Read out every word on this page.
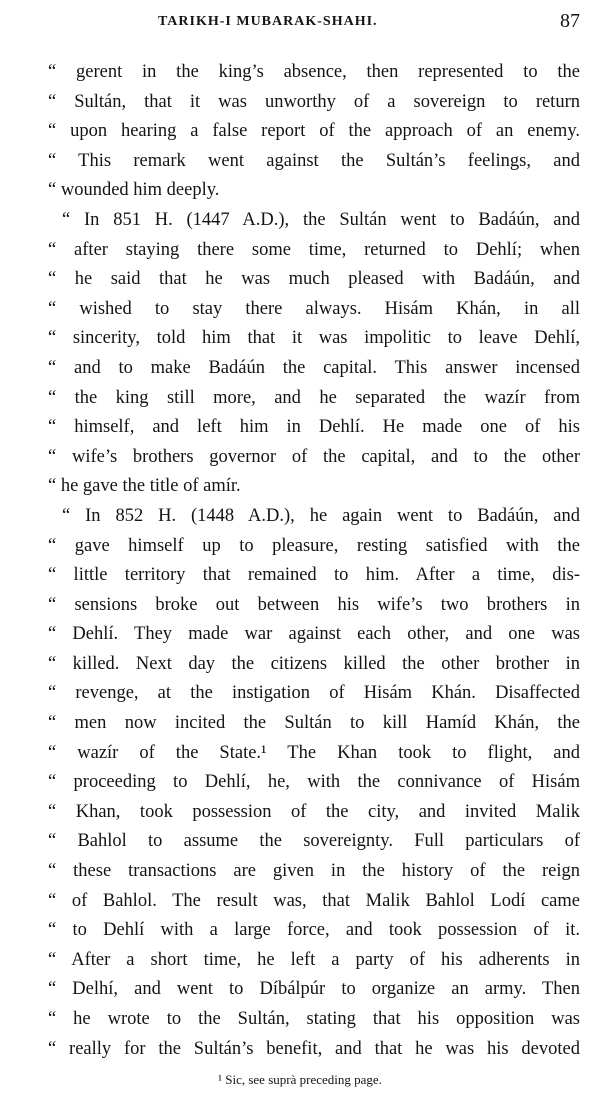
TARIKH-I MUBARAK-SHAHI.	87
“ gerent in the king’s absence, then represented to the
“ Sultán, that it was unworthy of a sovereign to return
“ upon hearing a false report of the approach of an enemy.
“ This remark went against the Sultán’s feelings, and
“ wounded him deeply.
“ In 851 H. (1447 A.D.), the Sultán went to Badáún, and
“ after staying there some time, returned to Dehlí; when
“ he said that he was much pleased with Badáún, and
“ wished to stay there always. Hisám Khán, in all
“ sincerity, told him that it was impolitic to leave Dehlí,
“ and to make Badáún the capital. This answer incensed
“ the king still more, and he separated the wazír from
“ himself, and left him in Dehlí. He made one of his
“ wife’s brothers governor of the capital, and to the other
“ he gave the title of amír.
“ In 852 H. (1448 A.D.), he again went to Badáún, and
“ gave himself up to pleasure, resting satisfied with the
“ little territory that remained to him. After a time, dis-
“ sensions broke out between his wife’s two brothers in
“ Dehlí. They made war against each other, and one was
“ killed. Next day the citizens killed the other brother in
“ revenge, at the instigation of Hisám Khán. Disaffected
“ men now incited the Sultán to kill Hamíd Khán, the
“ wazír of the State.¹ The Khan took to flight, and
“ proceeding to Dehlí, he, with the connivance of Hisám
“ Khan, took possession of the city, and invited Malik
“ Bahlol to assume the sovereignty. Full particulars of
“ these transactions are given in the history of the reign
“ of Bahlol. The result was, that Malik Bahlol Lodí came
“ to Dehlí with a large force, and took possession of it.
“ After a short time, he left a party of his adherents in
“ Delhí, and went to Díbálpúr to organize an army. Then
“ he wrote to the Sultán, stating that his opposition was
“ really for the Sultán’s benefit, and that he was his devoted
¹ Sic, see suprà preceding page.
